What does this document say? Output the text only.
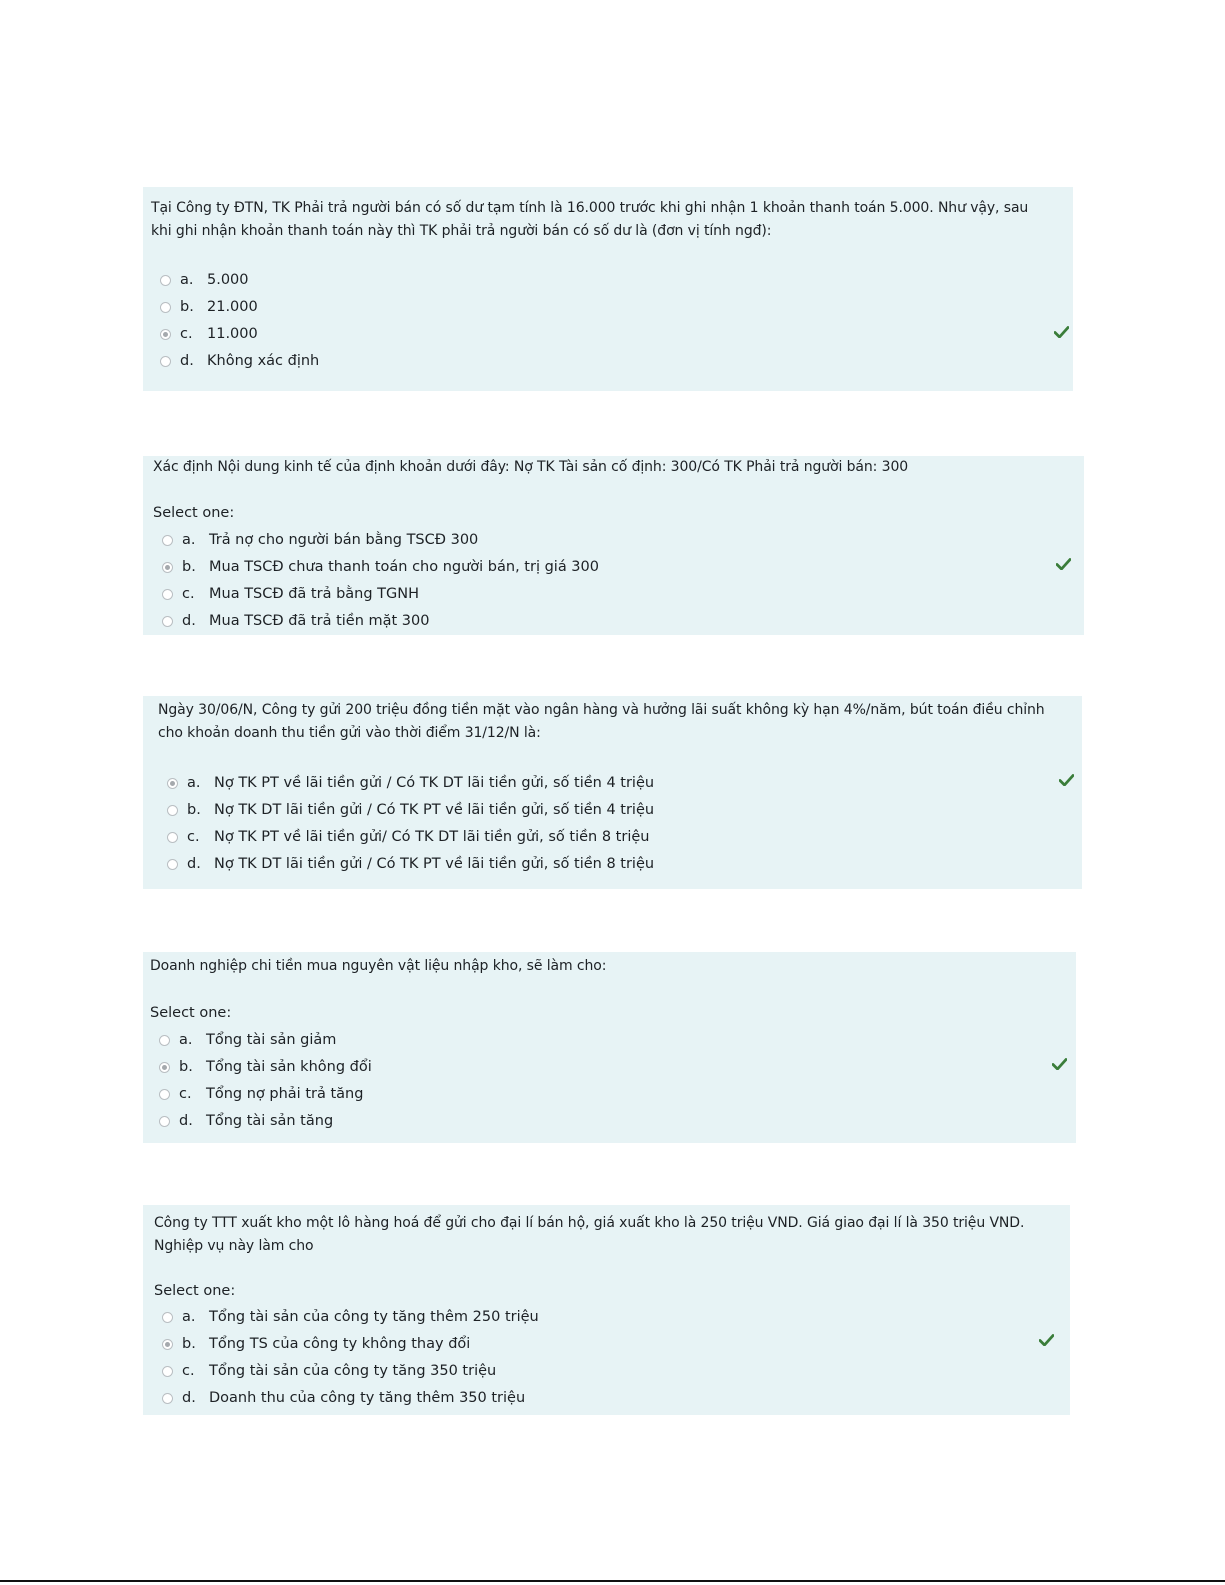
Tại Công ty ĐTN, TK Phải trả người bán có số dư tạm tính là 16.000 trước khi ghi nhận 1 khoản thanh toán 5.000. Như vậy, sau khi ghi nhận khoản thanh toán này thì TK phải trả người bán có số dư là (đơn vị tính ngđ):
a. 5.000
b. 21.000
c. 11.000
d. Không xác định
Xác định Nội dung kinh tế của định khoản dưới đây: Nợ TK Tài sản cố định: 300/Có TK Phải trả người bán: 300
Select one:
a. Trả nợ cho người bán bằng TSCĐ 300
b. Mua TSCĐ chưa thanh toán cho người bán, trị giá 300
c. Mua TSCĐ đã trả bằng TGNH
d. Mua TSCĐ đã trả tiền mặt 300
Ngày 30/06/N, Công ty gửi 200 triệu đồng tiền mặt vào ngân hàng và hưởng lãi suất không kỳ hạn 4%/năm, bút toán điều chỉnh cho khoản doanh thu tiền gửi vào thời điểm 31/12/N là:
a. Nợ TK PT về lãi tiền gửi / Có TK DT lãi tiền gửi, số tiền 4 triệu
b. Nợ TK DT lãi tiền gửi / Có TK PT về lãi tiền gửi, số tiền 4 triệu
c. Nợ TK PT về lãi tiền gửi/ Có TK DT lãi tiền gửi, số tiền 8 triệu
d. Nợ TK DT lãi tiền gửi / Có TK PT về lãi tiền gửi, số tiền 8 triệu
Doanh nghiệp chi tiền mua nguyên vật liệu nhập kho, sẽ làm cho:
Select one:
a. Tổng tài sản giảm
b. Tổng tài sản không đổi
c. Tổng nợ phải trả tăng
d. Tổng tài sản tăng
Công ty TTT xuất kho một lô hàng hoá để gửi cho đại lí bán hộ, giá xuất kho là 250 triệu VND. Giá giao đại lí là 350 triệu VND. Nghiệp vụ này làm cho
Select one:
a. Tổng tài sản của công ty tăng thêm 250 triệu
b. Tổng TS của công ty không thay đổi
c. Tổng tài sản của công ty tăng 350 triệu
d. Doanh thu của công ty tăng thêm 350 triệu
